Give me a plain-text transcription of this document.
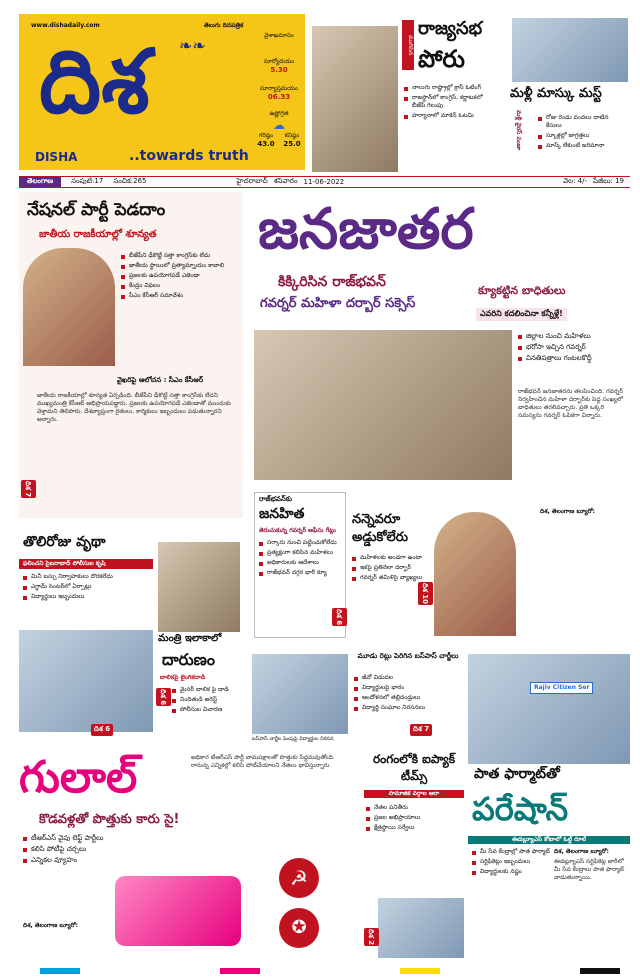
www.dishadaily.com	తెలుగు దినపత్రిక
దిశ ❧❧
DISHA	..towards truth
వైశాఖమాసం
సూర్యోదయం
5.30
సూర్యాస్తమయం
06.33
ఉష్ణోగ్రత
☁
గరిష్ఠం
43.0
కనిష్ఠం
25.0
ముగిసిన
రాజ్యసభ
పోరు
నాలుగు రాష్ట్రాల్లో క్రాస్ ఓటింగ్
రాజస్థాన్‌లో కాంగ్రెస్, కర్ణాటకలో బీజేపీ గెలుపు
హర్యానాలో మాకెన్ ఓటమి
మళ్లీ మాస్కు మస్ట్
మళ్లీ వైరస్ పంజా	రోజు రెండు వందలు దాటిన కేసులు
స్కూళ్లల్లో జాగ్రత్తలు
మాస్క్ లేకుంటే జరిమానా
తెలంగాణ	సంపుటి:17 సంచిక:265	హైదరాబాద్ శనివారం 11-06-2022	వెల: 4/- పేజీలు: 19
నేషనల్ పార్టీ పెడదాం
జాతీయ రాజకీయాల్లో శూన్యత
బీజేపీని ఢీకొట్టే సత్తా కాంగ్రెస్‌కు లేదు
జాతీయ స్థాయిలో ప్రత్యామ్నాయం కావాలి
ప్రజలకు ఉపయోగపడే ఎజెండా
కేంద్రం విఫలం
సీఎం కేసీఆర్ సమావేశం
వైఖరిపై ఆలోచన : సీఎం కేసీఆర్
జాతీయ రాజకీయాల్లో శూన్యత ఏర్పడింది. బీజేపీని ఢీకొట్టే సత్తా కాంగ్రెస్‌కు లేదని ముఖ్యమంత్రి కేసీఆర్ అభిప్రాయపడ్డారు. ప్రజలకు ఉపయోగపడే ఎజెండాతో ముందుకు వెళ్తామని తెలిపారు. దేశవ్యాప్తంగా రైతులు, కార్మికులు ఇబ్బందులు పడుతున్నారని అన్నారు.
దిశ 7
జనజాతర
కిక్కిరిసిన రాజ్‌భవన్
గవర్నర్ మహిళా దర్బార్ సక్సెస్
క్యూకట్టిన బాధితులు
ఎవరిని కదలించినా కన్నీళ్లే!
జిల్లాల నుంచి మహిళలు
భరోసా ఇచ్చిన గవర్నర్
వినతిపత్రాలు గంటలకొద్దీ
రాజ్‌భవన్ జనజాతరను తలపించింది. గవర్నర్ నిర్వహించిన మహిళా దర్బార్‌కు పెద్ద సంఖ్యలో బాధితులు తరలివచ్చారు. ప్రతి ఒక్కరి సమస్యను గవర్నర్ ఓపికగా విన్నారు.
దిశ, తెలంగాణ బ్యూరో:
రాజ్‌భవన్‌కు
జనహిత
తెరుచుకున్న గవర్నర్ ఆఫీసు గేట్లు
సర్కారు నుంచి పట్టించుకోలేదు
ప్రత్యక్షంగా కలిసిన మహిళలు
అధికారులకు ఆదేశాలు
రాజ్‌భవన్ దగ్గర భారీ క్యూ
దిశ 6
నన్నెవరూ
అడ్డుకోలేరు
మహిళలకు అండగా ఉంటా
ఇకపై ప్రతినెలా దర్బార్
గవర్నర్ తమిళిసై వ్యాఖ్యలు
దిశ 10
తొలిరోజు వృథా
ఫలించని సైబరాబాద్ పోలీసుల కృషి
మినీ బస్సు నిర్వాహకులు దొరకలేదు
ఎగ్జామ్ సెంటర్‌లో ఏర్పాట్లు
విద్యార్థులు ఇబ్బందులు
దిశ 6
మంత్రి ఇలాకాలో
దారుణం
బాలికపై లైంగికదాడి
మైనర్ బాలిక పై దాడి
నిందితుడి అరెస్ట్
పోలీసుల విచారణ
దిశ 6
మూడు రెట్లు పెరిగిన బస్‌పాస్ చార్జీలు
జీవో విడుదల
విద్యార్థులపై భారం
ఆందోళనలో తల్లిదండ్రులు
విద్యార్థి సంఘాల నిరసనలు
బస్‌పాస్ చార్జీల పెంపుపై విద్యార్థుల నిరసన
దిశ 7
Rajiv Citizen Ser
పాత ఫార్మాట్‌తో
పరేషాన్
ఈడబ్ల్యూఎస్ కోటాలో ఓల్డ్ రూల్
మీ సేవ కేంద్రాల్లో పాత ఫార్మాట్
సర్టిఫికెట్లు ఇబ్బందులు
విద్యార్థులకు నష్టం
దిశ, తెలంగాణ బ్యూరో:
ఈడబ్ల్యూఎస్ సర్టిఫికెట్ల జారీలో మీ సేవ కేంద్రాలు పాత ఫార్మాట్ వాడుతున్నాయి.
గులాల్
కొడవళ్లతో పొత్తుకు కారు సై!
టీఆర్ఎస్ వైపు లెఫ్ట్ పార్టీలు
కలిసి పోటీపై చర్చలు
ఎన్నికల వ్యూహం
దిశ, తెలంగాణ బ్యూరో:
అధికార టీఆర్ఎస్ పార్టీ వామపక్షాలతో పొత్తుకు సిద్ధమవుతోంది. రానున్న ఎన్నికల్లో కలిసి పోటీచేయాలని నేతలు భావిస్తున్నారు.
☭
✪
రంగంలోకి ఐప్యాక్ టీమ్స్
సామాజిక వర్గాల ఆరా
నేతల పనితీరు
ప్రజల అభిప్రాయాలు
క్షేత్రస్థాయి సర్వేలు
దిశ 2
